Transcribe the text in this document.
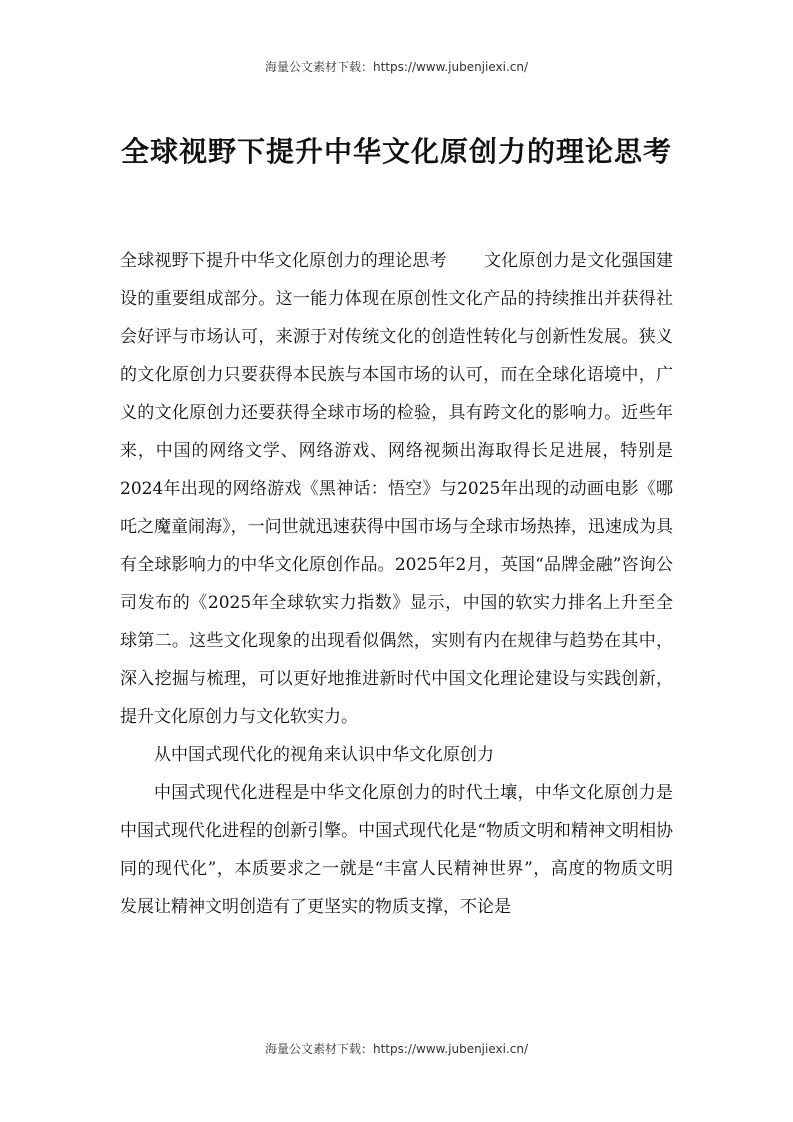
海量公文素材下载：https://www.jubenjiexi.cn/
全球视野下提升中华文化原创力的理论思考

全球视野下提升中华文化原创力的理论思考 文化原创力是文化强国建设的重要组成部分。这一能力体现在原创性文化产品的持续推出并获得社会好评与市场认可，来源于对传统文化的创造性转化与创新性发展。狭义的文化原创力只要获得本民族与本国市场的认可，而在全球化语境中，广义的文化原创力还要获得全球市场的检验，具有跨文化的影响力。近些年来，中国的网络文学、网络游戏、网络视频出海取得长足进展，特别是2024年出现的网络游戏《黑神话：悟空》与2025年出现的动画电影《哪吒之魔童闹海》，一问世就迅速获得中国市场与全球市场热捧，迅速成为具有全球影响力的中华文化原创作品。2025年2月，英国“品牌金融”咨询公司发布的《2025年全球软实力指数》显示，中国的软实力排名上升至全球第二。这些文化现象的出现看似偶然，实则有内在规律与趋势在其中，深入挖掘与梳理，可以更好地推进新时代中国文化理论建设与实践创新，提升文化原创力与文化软实力。

从中国式现代化的视角来认识中华文化原创力

中国式现代化进程是中华文化原创力的时代土壤，中华文化原创力是中国式现代化进程的创新引擎。中国式现代化是“物质文明和精神文明相协同的现代化”，本质要求之一就是“丰富人民精神世界”，高度的物质文明发展让精神文明创造有了更坚实的物质支撑，不论是

海量公文素材下载：https://www.jubenjiexi.cn/
